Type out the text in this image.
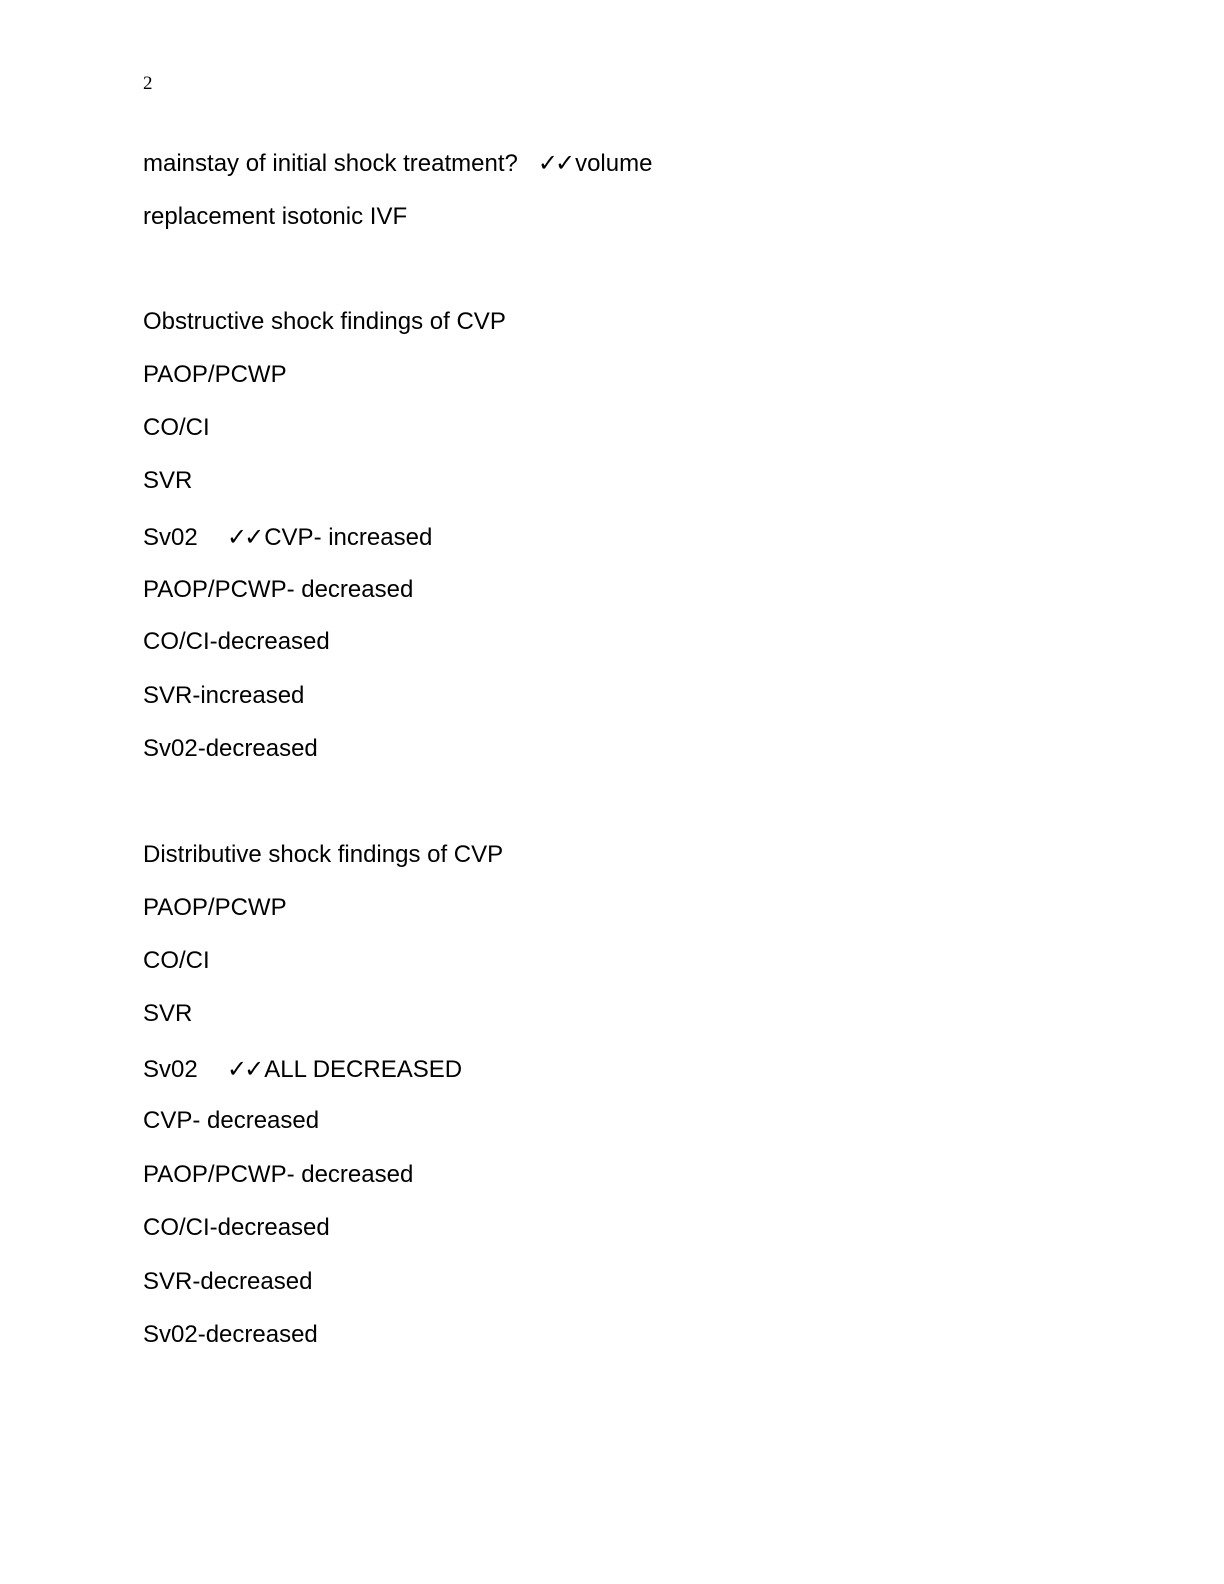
2
mainstay of initial shock treatment? ✓✓ volume
replacement isotonic IVF
Obstructive shock findings of CVP
PAOP/PCWP
CO/CI
SVR
Sv02 ✓✓ CVP- increased
PAOP/PCWP- decreased
CO/CI-decreased
SVR-increased
Sv02-decreased
Distributive shock findings of CVP
PAOP/PCWP
CO/CI
SVR
Sv02 ✓✓ ALL DECREASED
CVP- decreased
PAOP/PCWP- decreased
CO/CI-decreased
SVR-decreased
Sv02-decreased
